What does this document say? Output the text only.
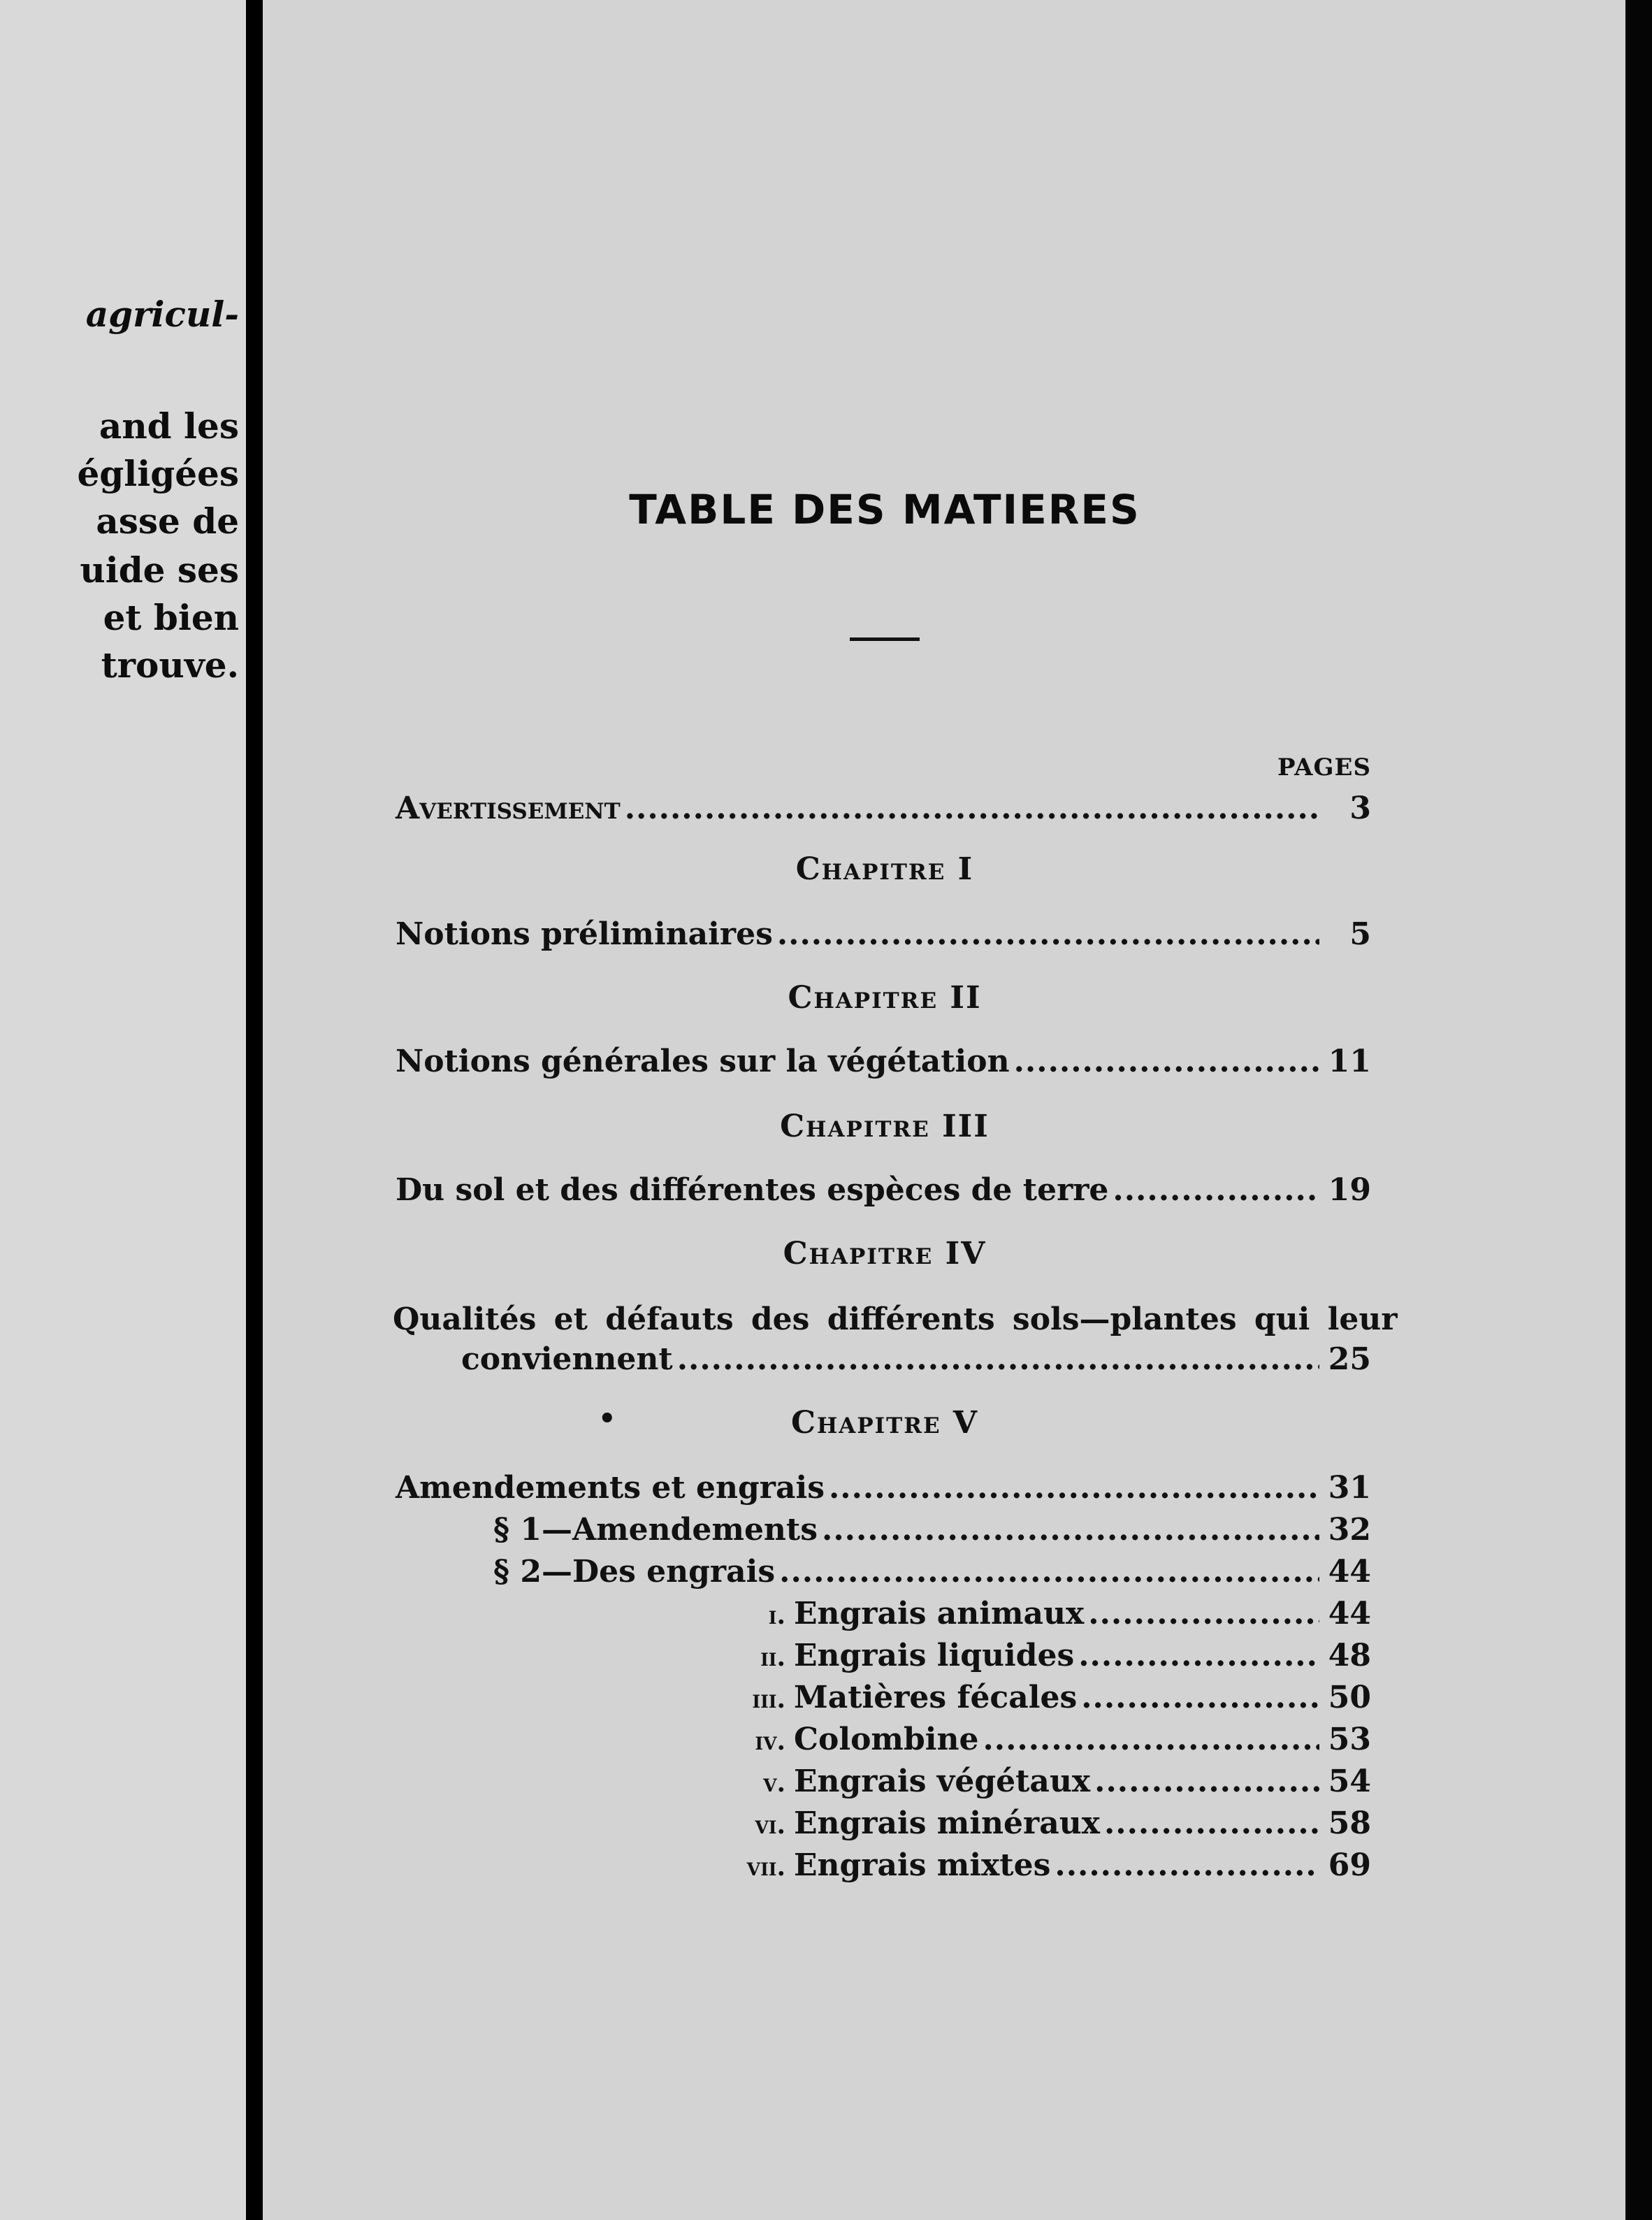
agricul-
and les
égligées
asse de
uide ses
et bien
trouve.
TABLE DES MATIERES
PAGES
Avertissement .....	3
Chapitre I
Notions préliminaires .....	5
Chapitre II
Notions générales sur la végétation .....	11
Chapitre III
Du sol et des différentes espèces de terre .....	19
Chapitre IV
Qualités et défauts des différents sols—plantes qui leur
conviennent .....	25
•	Chapitre V
Amendements et engrais .....	31
§ 1—Amendements .....	32
§ 2—Des engrais .....	44
i. Engrais animaux .....	44
ii. Engrais liquides .....	48
iii. Matières fécales .....	50
iv. Colombine .....	53
v. Engrais végétaux .....	54
vi. Engrais minéraux .....	58
vii. Engrais mixtes .....	69
